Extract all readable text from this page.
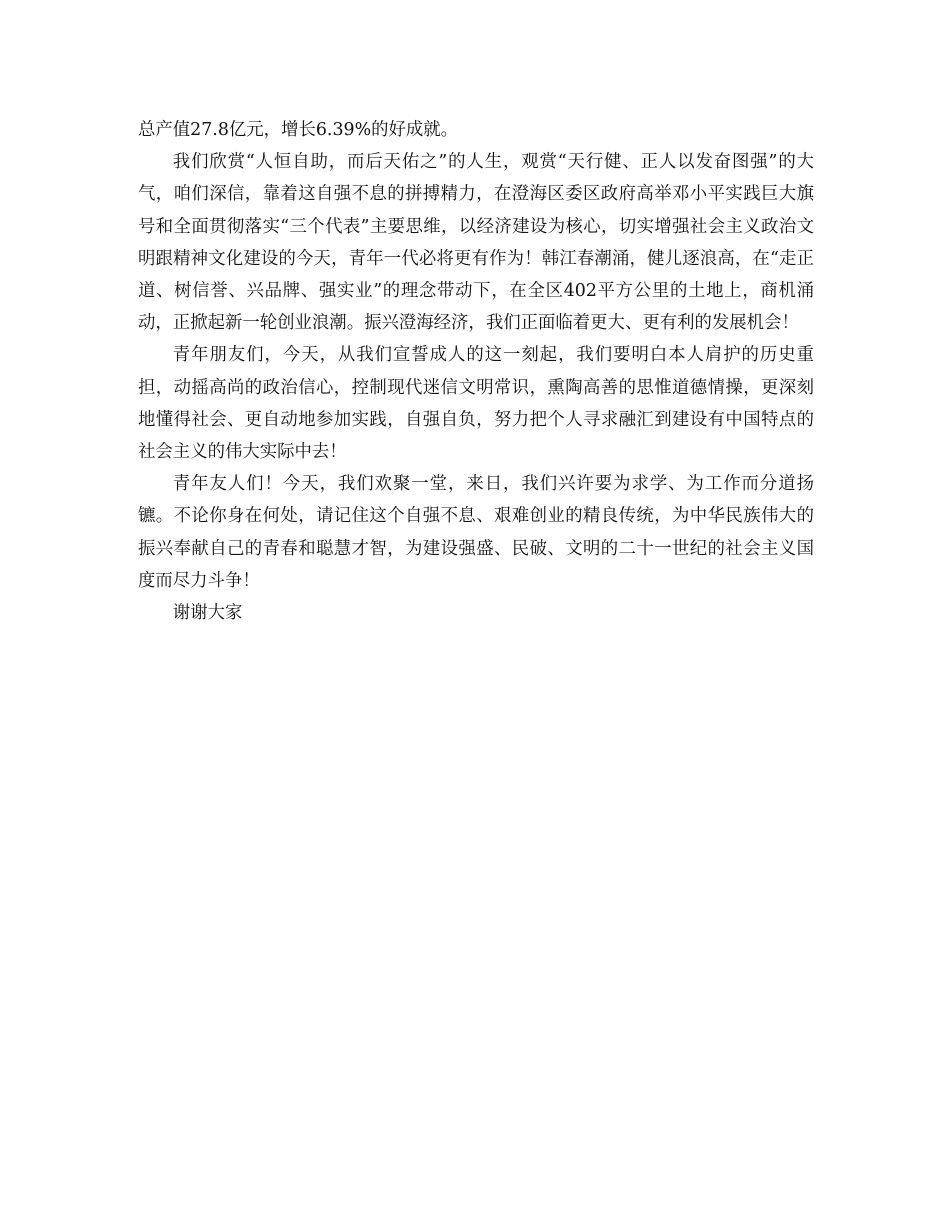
总产值27.8亿元，增长6.39%的好成就。

我们欣赏“人恒自助，而后天佑之”的人生，观赏“天行健、正人以发奋图强”的大气，咱们深信，靠着这自强不息的拼搏精力，在澄海区委区政府高举邓小平实践巨大旗号和全面贯彻落实“三个代表”主要思维，以经济建设为核心，切实增强社会主义政治文明跟精神文化建设的今天，青年一代必将更有作为！韩江春潮涌，健儿逐浪高，在“走正道、树信誉、兴品牌、强实业”的理念带动下，在全区402平方公里的土地上，商机涌动，正掀起新一轮创业浪潮。振兴澄海经济，我们正面临着更大、更有利的发展机会！

青年朋友们，今天，从我们宣誓成人的这一刻起，我们要明白本人肩护的历史重担，动摇高尚的政治信心，控制现代迷信文明常识，熏陶高善的思惟道德情操，更深刻地懂得社会、更自动地参加实践，自强自负，努力把个人寻求融汇到建设有中国特点的社会主义的伟大实际中去！

青年友人们！今天，我们欢聚一堂，来日，我们兴许要为求学、为工作而分道扬镳。不论你身在何处，请记住这个自强不息、艰难创业的精良传统，为中华民族伟大的振兴奉献自己的青春和聪慧才智，为建设强盛、民破、文明的二十一世纪的社会主义国度而尽力斗争！

谢谢大家
